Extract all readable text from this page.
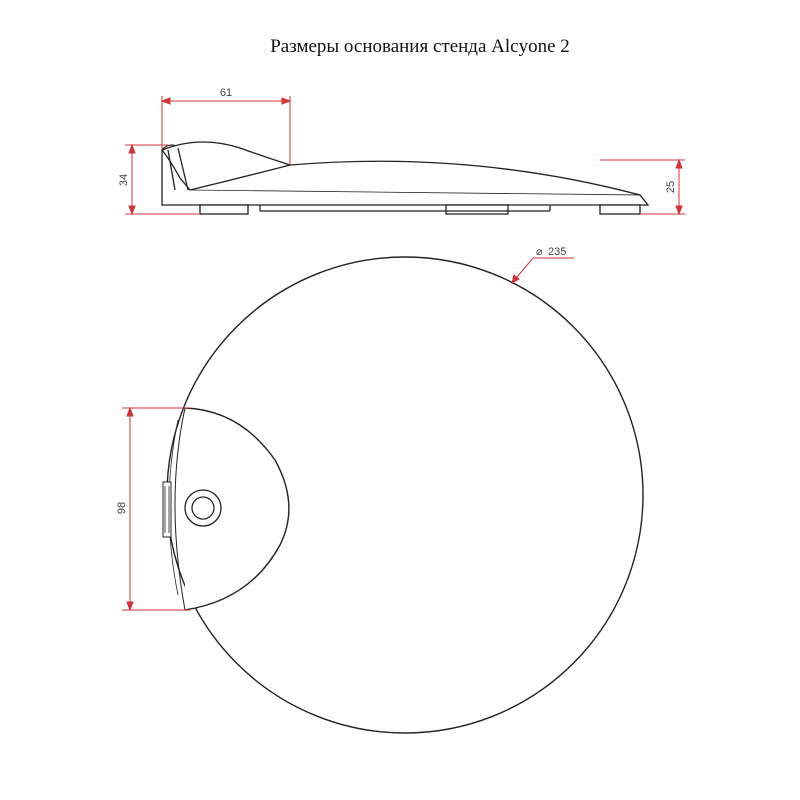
Размеры основания стенда Alcyone 2
61
34
25
⌀ 235
98
